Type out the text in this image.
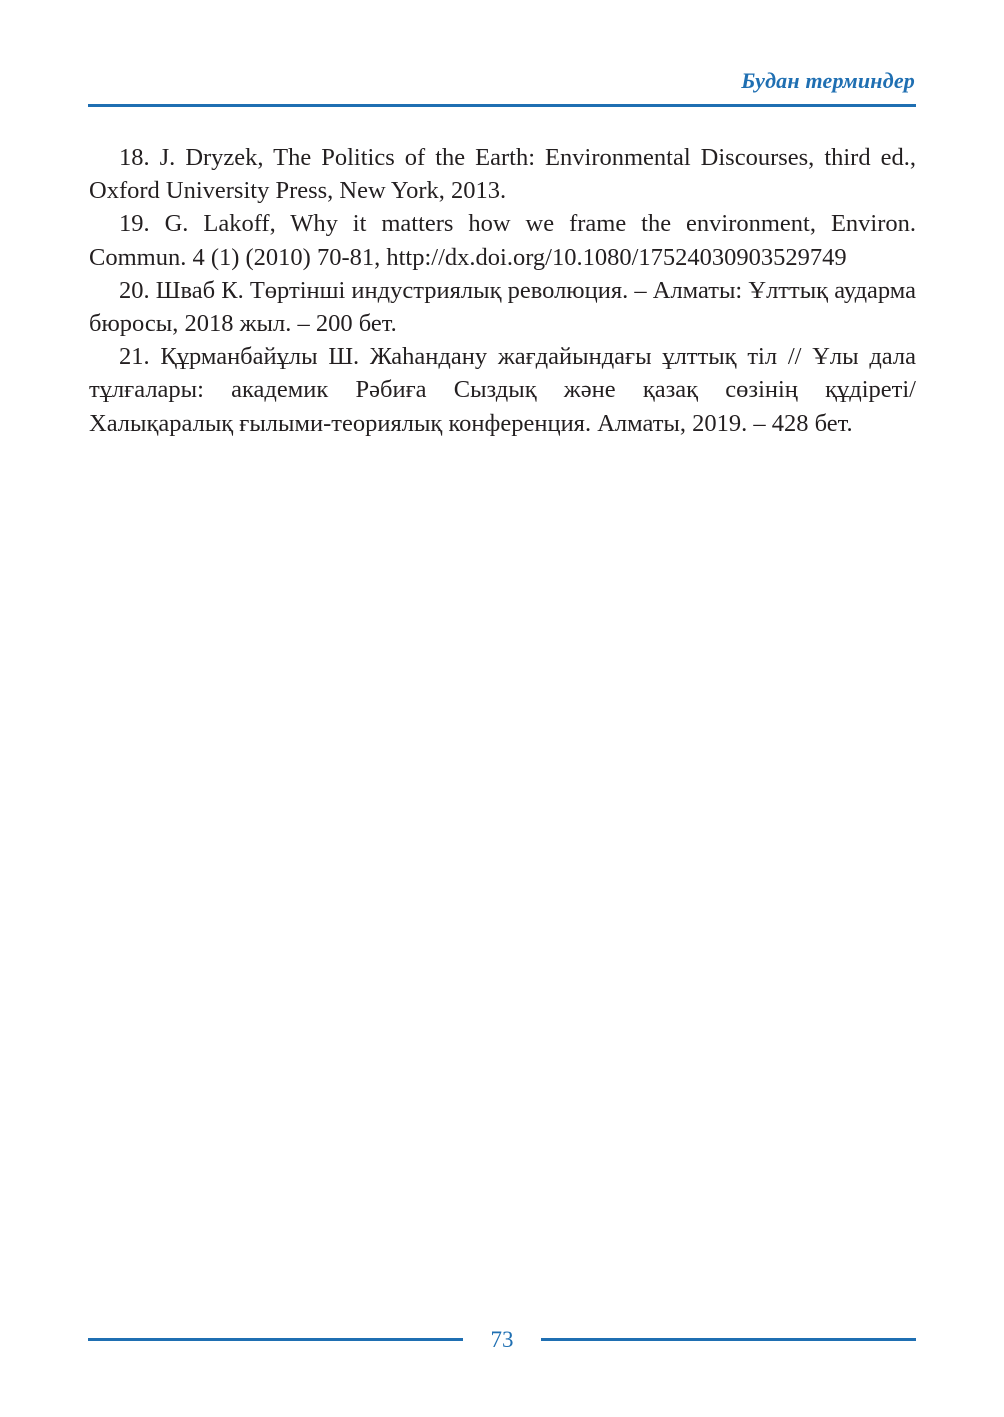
Будан терминдер

18. J. Dryzek, The Politics of the Earth: Environmental Discourses, third ed., Oxford University Press, New York, 2013.

19. G. Lakoff, Why it matters how we frame the environment, Environ. Commun. 4 (1) (2010) 70-81, http://dx.doi.org/10.1080/17524030903529749

20. Шваб К. Төртінші индустриялық революция. – Алматы: Ұлттық аударма бюросы, 2018 жыл. – 200 бет.

21. Құрманбайұлы Ш. Жаһандану жағдайындағы ұлттық тіл // Ұлы дала тұлғалары: академик Рәбиға Сыздық және қазақ сөзінің құдіреті/ Халықаралық ғылыми-теориялық конференция. Алматы, 2019. – 428 бет.

73
